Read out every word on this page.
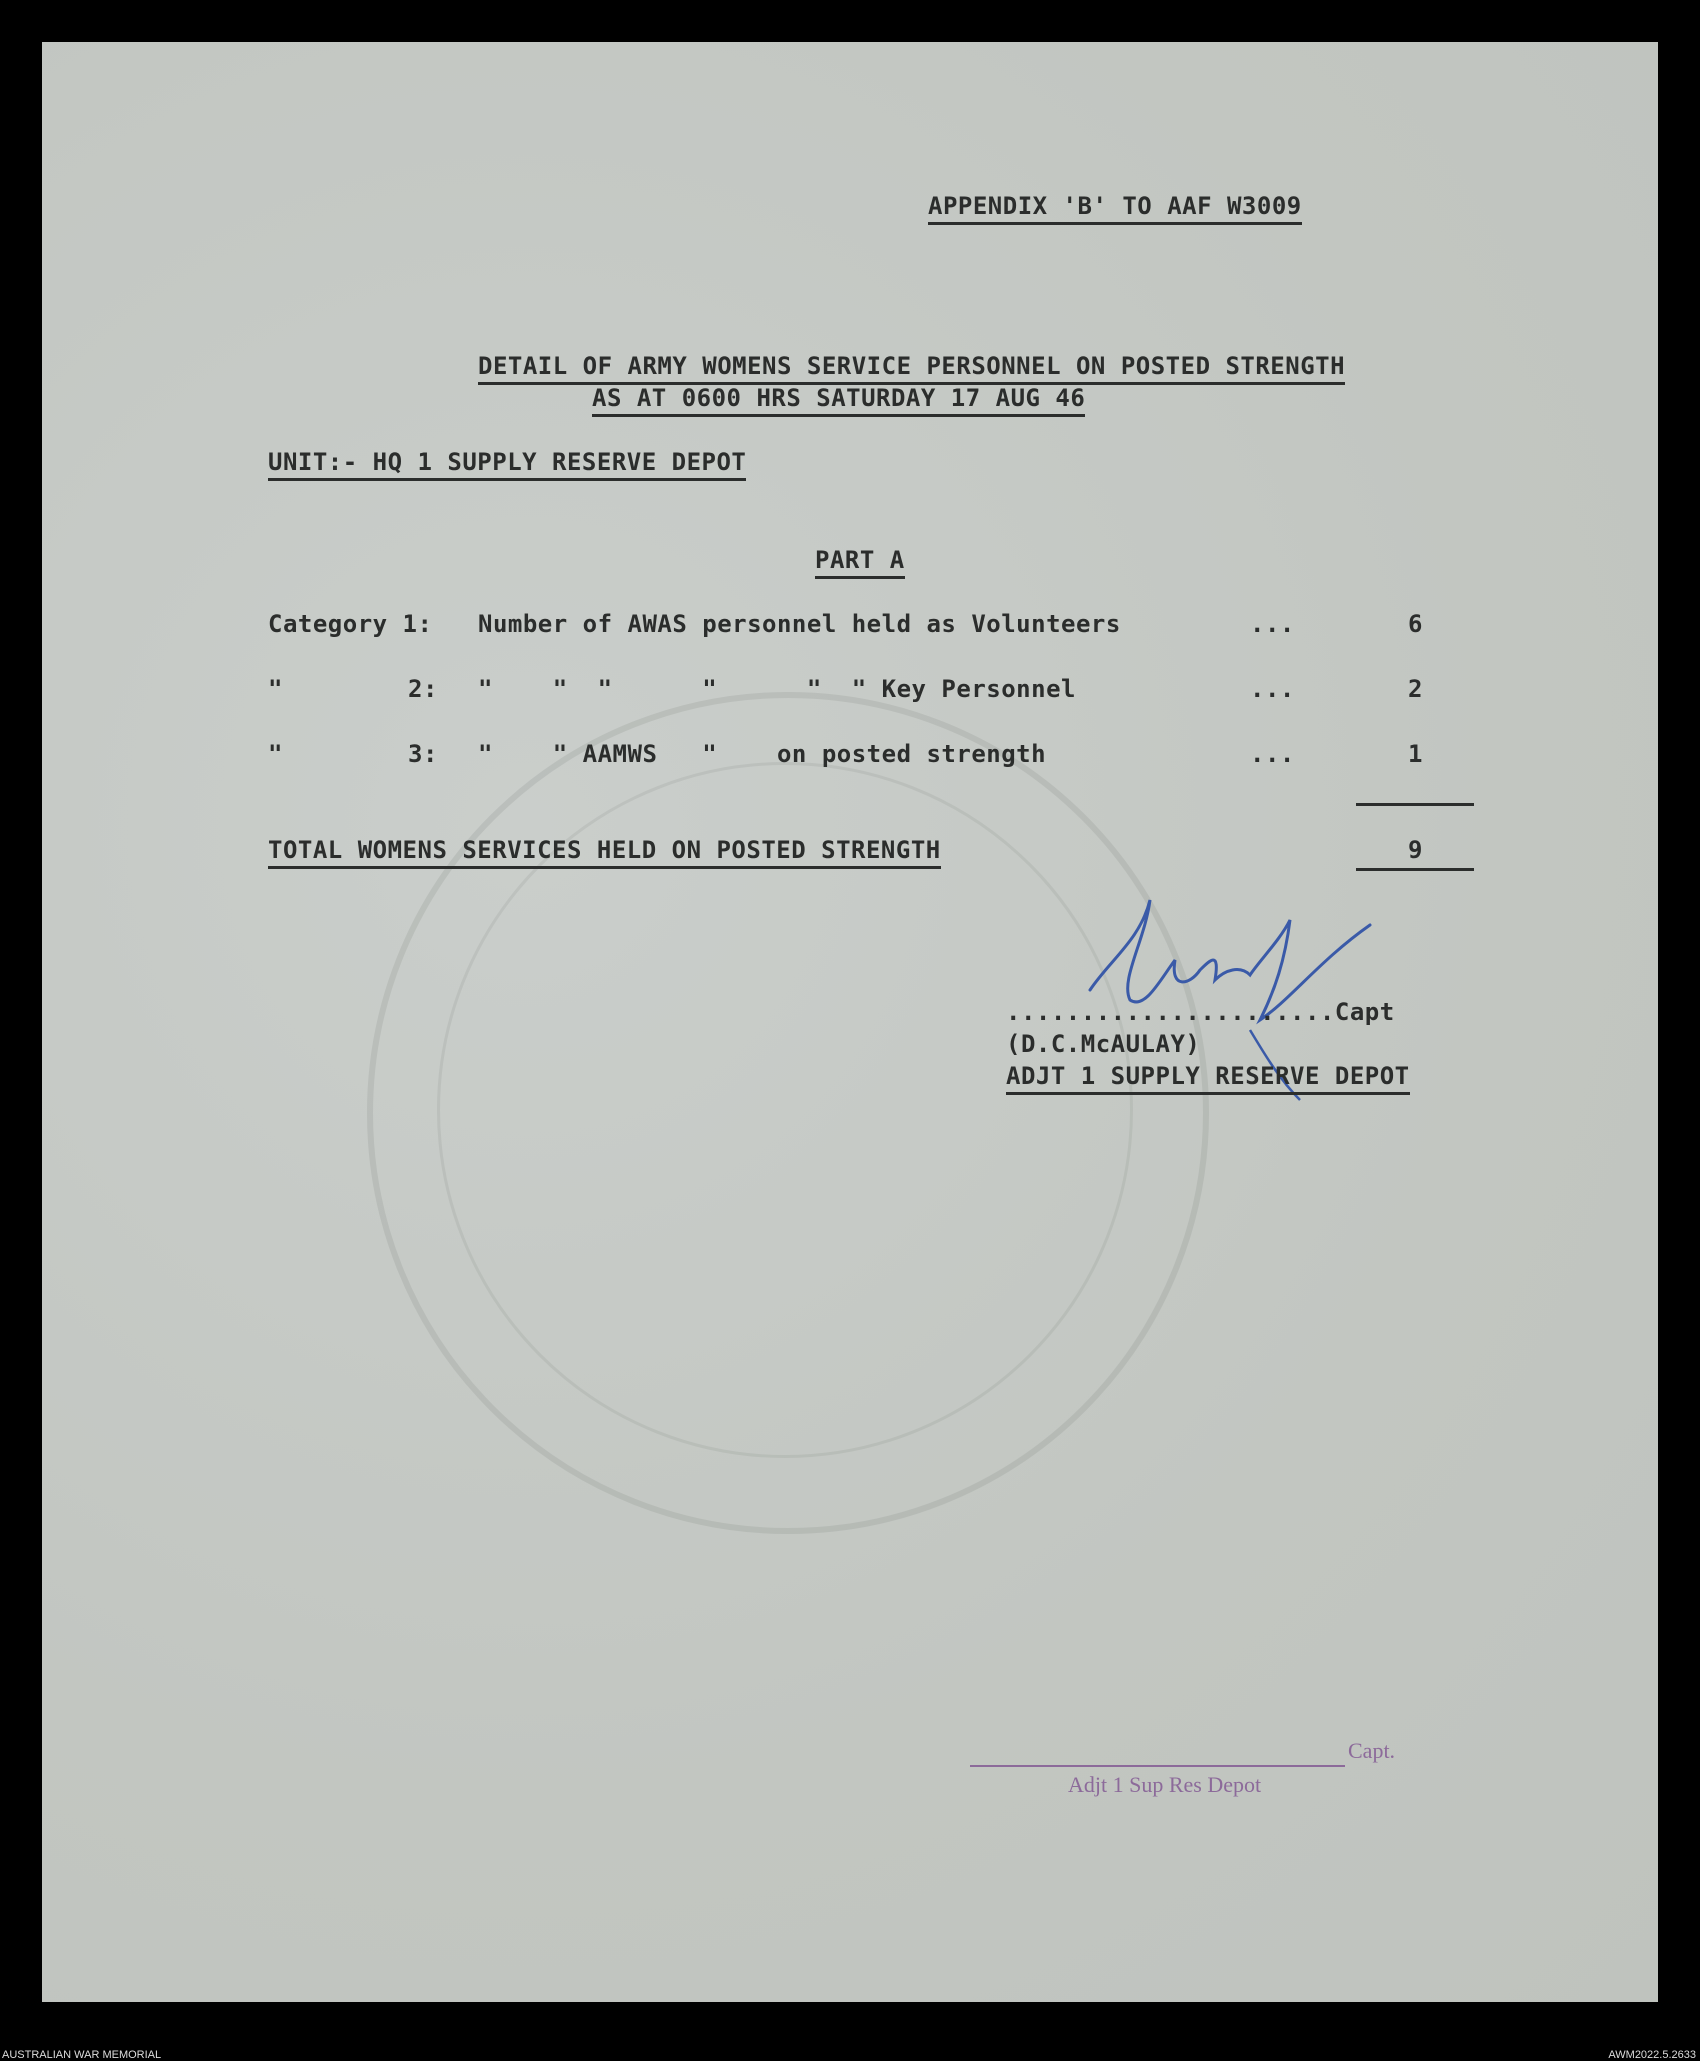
APPENDIX 'B' TO AAF W3009
DETAIL OF ARMY WOMENS SERVICE PERSONNEL ON POSTED STRENGTH
AS AT 0600 HRS SATURDAY 17 AUG 46
UNIT:- HQ 1 SUPPLY RESERVE DEPOT
PART A
Category 1: Number of AWAS personnel held as Volunteers	...	6
"	2: "    "  "      "      "  " Key Personnel	...	2
"	3: "    " AAMWS   "    on posted strength	...	1
TOTAL WOMENS SERVICES HELD ON POSTED STRENGTH	9
......................Capt
(D.C.McAULAY)
ADJT 1 SUPPLY RESERVE DEPOT
Capt.
Adjt 1 Sup Res Depot
AUSTRALIAN WAR MEMORIAL	AWM2022.5.2633
